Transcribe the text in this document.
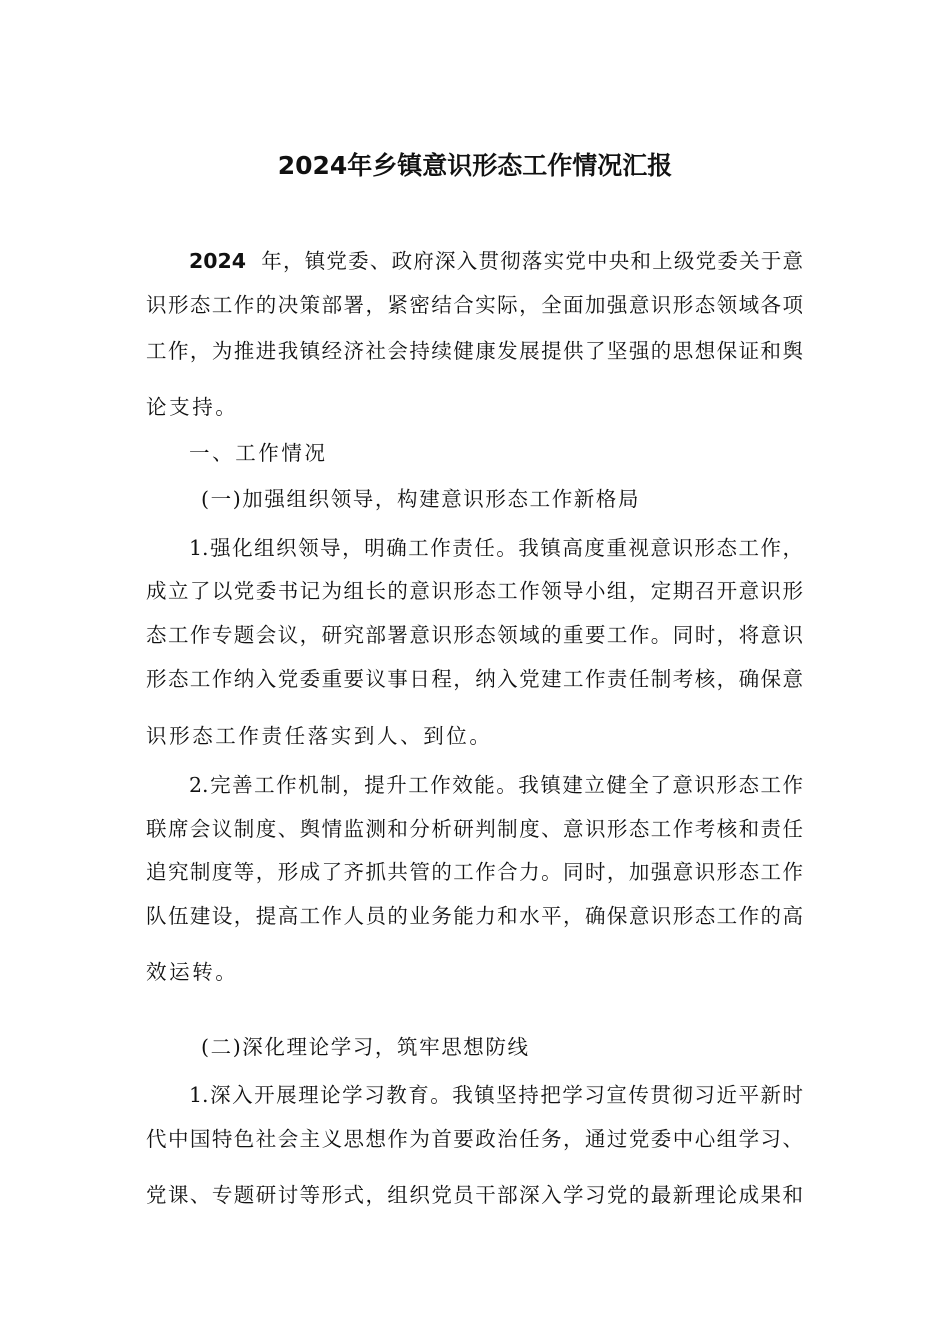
2024年乡镇意识形态工作情况汇报
2024 年，镇党委、政府深入贯彻落实党中央和上级党委关于意
识形态工作的决策部署，紧密结合实际，全面加强意识形态领域各项
工作，为推进我镇经济社会持续健康发展提供了坚强的思想保证和舆
论支持。
一、工作情况
(一)加强组织领导，构建意识形态工作新格局
1.强化组织领导，明确工作责任。我镇高度重视意识形态工作，
成立了以党委书记为组长的意识形态工作领导小组，定期召开意识形
态工作专题会议，研究部署意识形态领域的重要工作。同时，将意识
形态工作纳入党委重要议事日程，纳入党建工作责任制考核，确保意
识形态工作责任落实到人、到位。
2.完善工作机制，提升工作效能。我镇建立健全了意识形态工作
联席会议制度、舆情监测和分析研判制度、意识形态工作考核和责任
追究制度等，形成了齐抓共管的工作合力。同时，加强意识形态工作
队伍建设，提高工作人员的业务能力和水平，确保意识形态工作的高
效运转。
(二)深化理论学习，筑牢思想防线
1.深入开展理论学习教育。我镇坚持把学习宣传贯彻习近平新时
代中国特色社会主义思想作为首要政治任务，通过党委中心组学习、
党课、专题研讨等形式，组织党员干部深入学习党的最新理论成果和
